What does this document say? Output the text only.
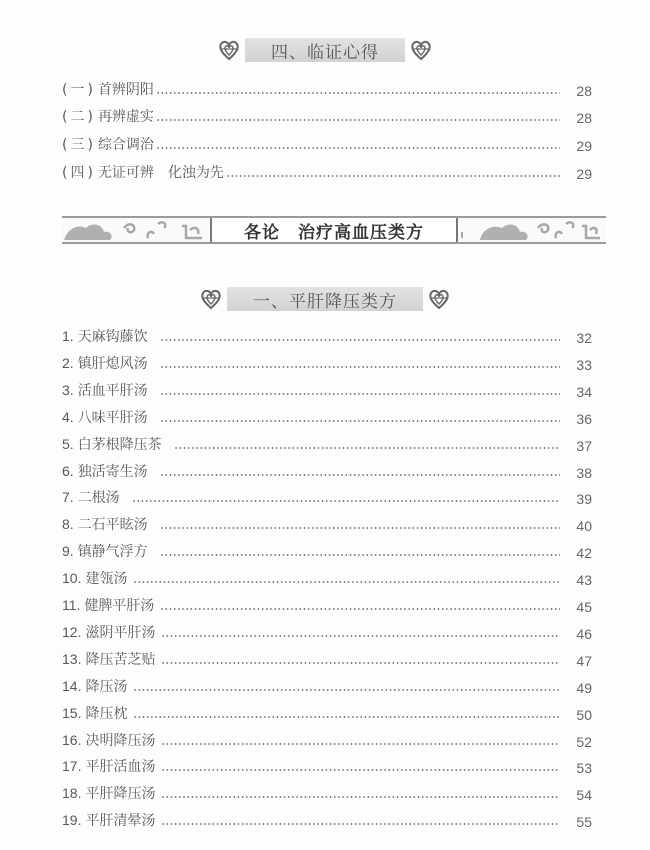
四、临证心得
(一) 首辨阴阳	28
(二) 再辨虚实	28
(三) 综合调治	29
(四) 无证可辨　化浊为先	29
各论 治疗高血压类方
一、平肝降压类方
1. 天麻钩藤饮	32
2. 镇肝熄风汤	33
3. 活血平肝汤	34
4. 八味平肝汤	36
5. 白茅根降压茶	37
6. 独活寄生汤	38
7. 二根汤	39
8. 二石平眩汤	40
9. 镇静气浮方	42
10. 建瓴汤	43
11. 健脾平肝汤	45
12. 滋阴平肝汤	46
13. 降压苦芝贴	47
14. 降压汤	49
15. 降压枕	50
16. 决明降压汤	52
17. 平肝活血汤	53
18. 平肝降压汤	54
19. 平肝清晕汤	55
